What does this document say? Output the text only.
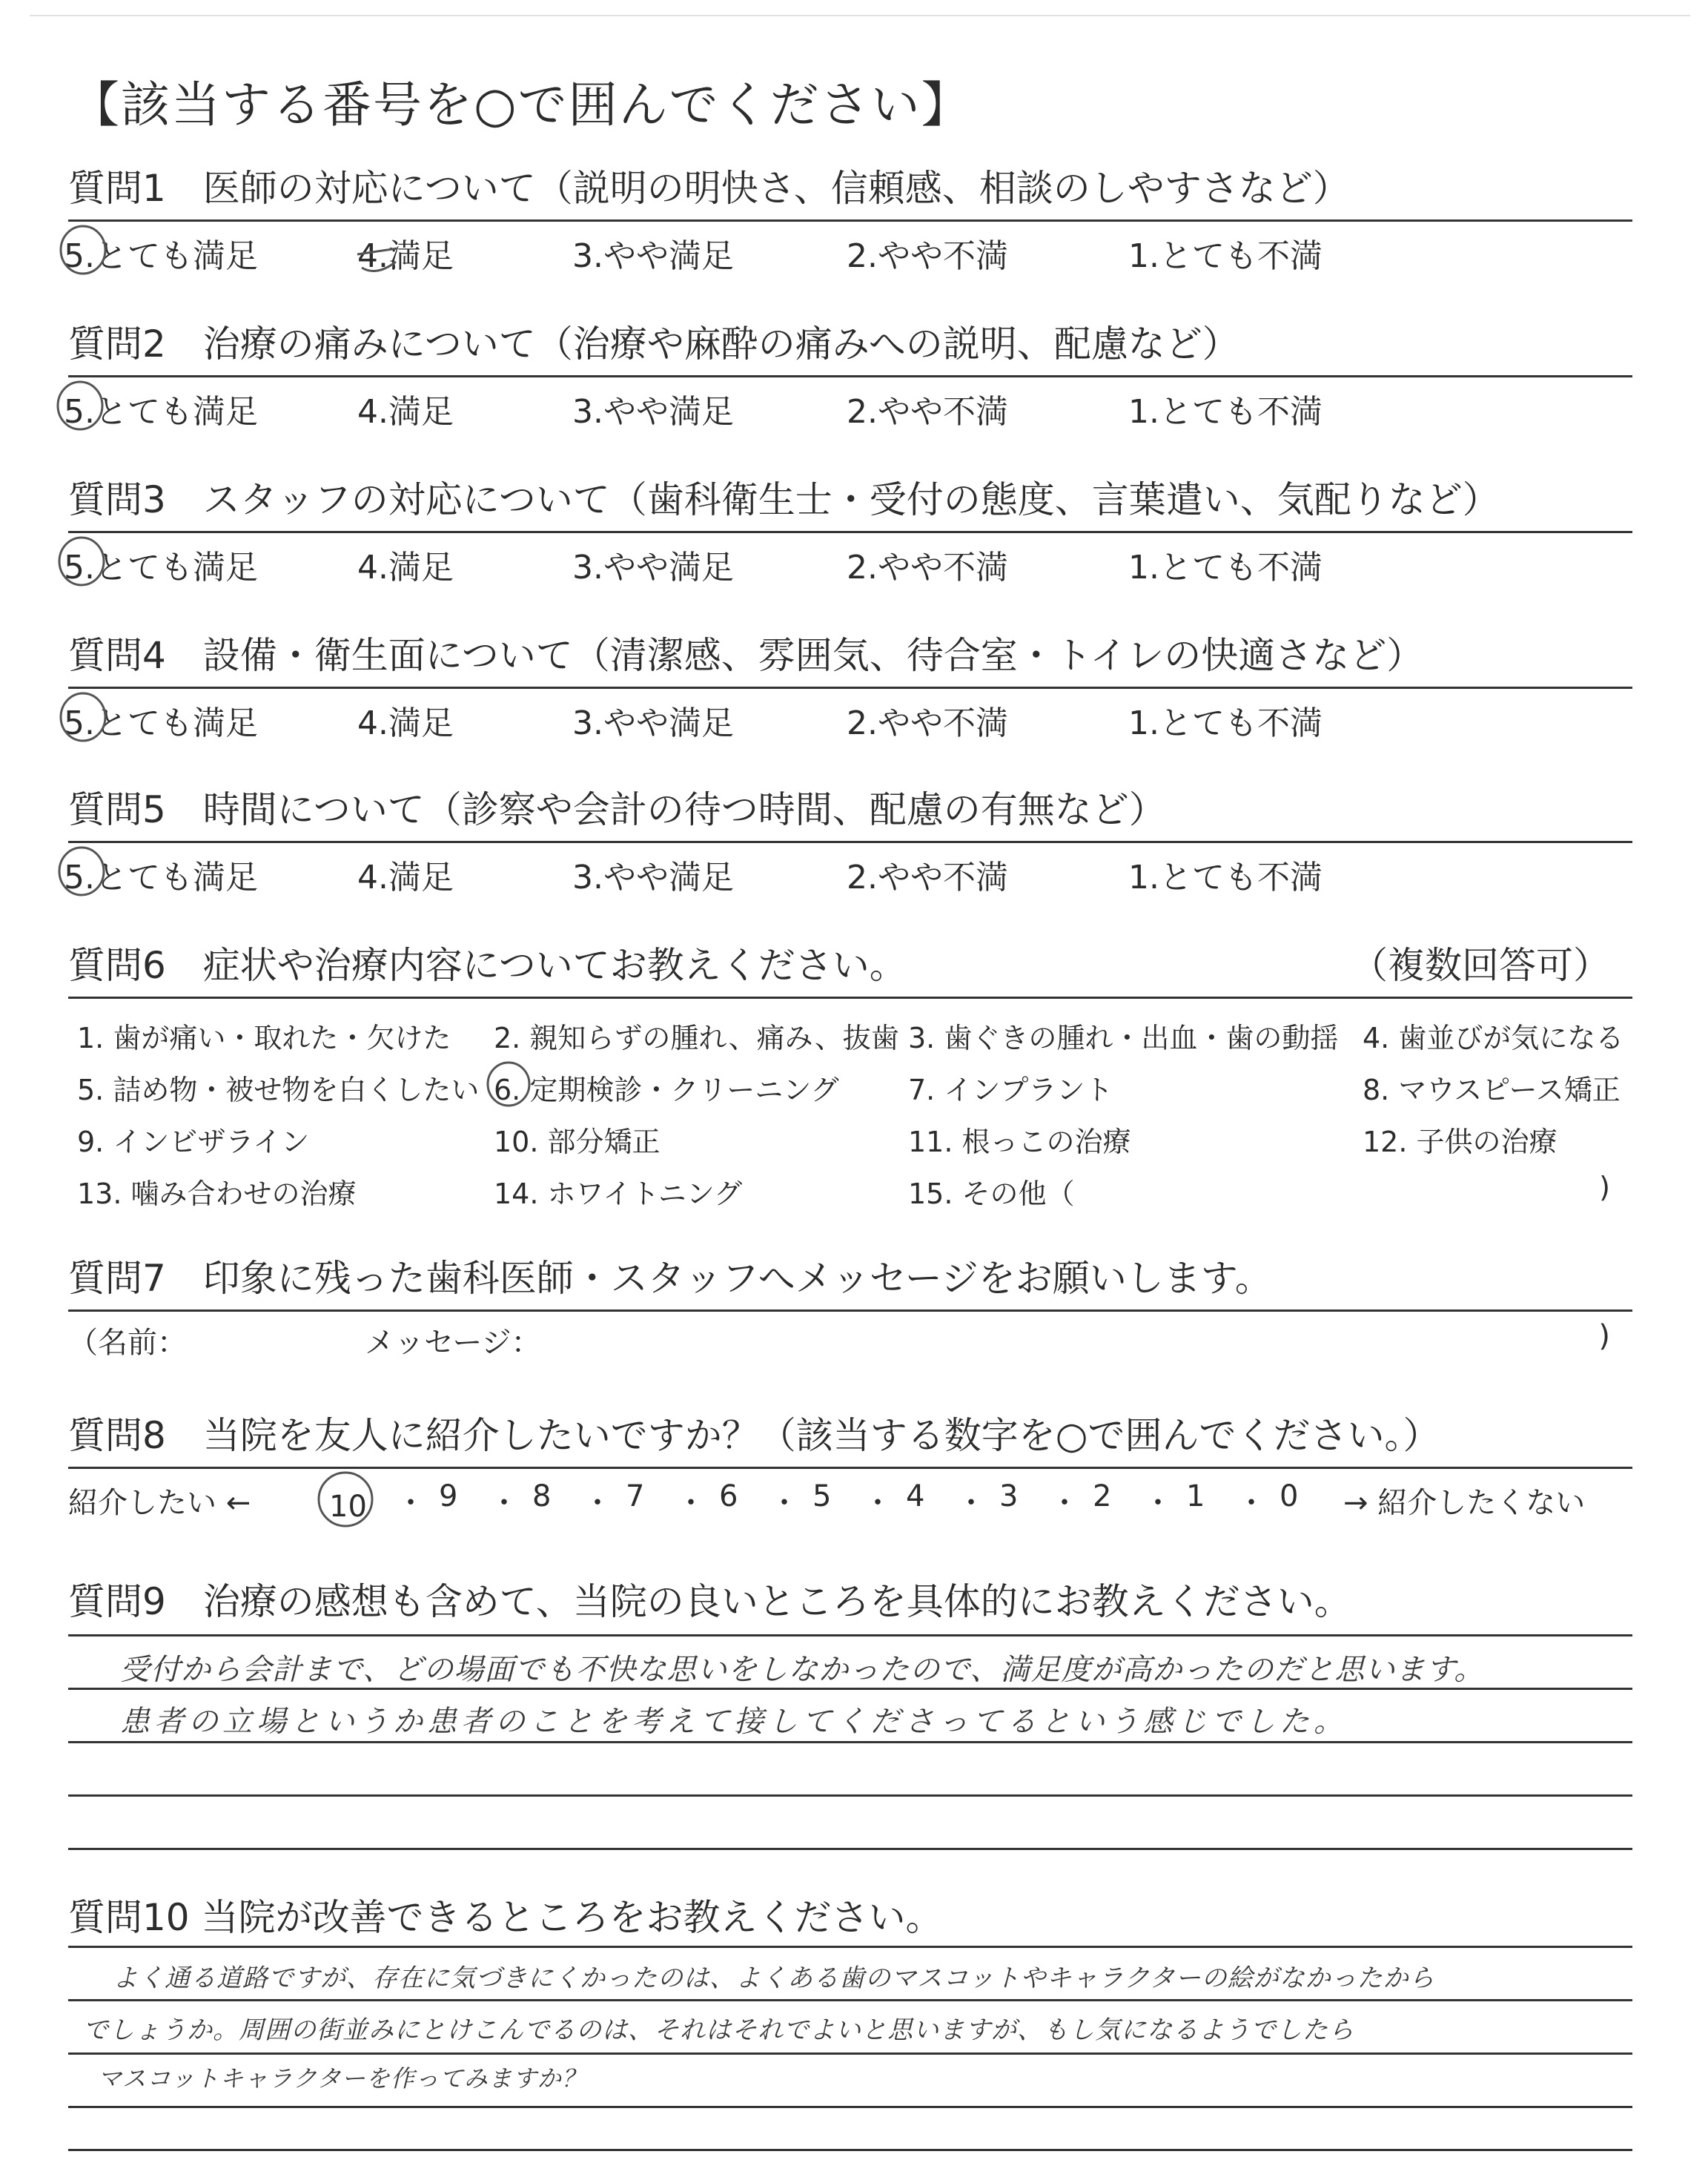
【該当する番号を○で囲んでください】
質問1　医師の対応について（説明の明快さ、信頼感、相談のしやすさなど）
5.とても満足	4.満足	3.やや満足	2.やや不満	1.とても不満
質問2　治療の痛みについて（治療や麻酔の痛みへの説明、配慮など）
5.とても満足	4.満足	3.やや満足	2.やや不満	1.とても不満
質問3　スタッフの対応について（歯科衛生士・受付の態度、言葉遣い、気配りなど）
5.とても満足	4.満足	3.やや満足	2.やや不満	1.とても不満
質問4　設備・衛生面について（清潔感、雰囲気、待合室・トイレの快適さなど）
5.とても満足	4.満足	3.やや満足	2.やや不満	1.とても不満
質問5　時間について（診察や会計の待つ時間、配慮の有無など）
5.とても満足	4.満足	3.やや満足	2.やや不満	1.とても不満
質問6　症状や治療内容についてお教えください。	（複数回答可）
1. 歯が痛い・取れた・欠けた 2. 親知らずの腫れ、痛み、抜歯 3. 歯ぐきの腫れ・出血・歯の動揺 4. 歯並びが気になる
5. 詰め物・被せ物を白くしたい 6. 定期検診・クリーニング 7. インプラント	8. マウスピース矯正
9. インビザライン	10. 部分矯正	11. 根っこの治療	12. 子供の治療
13. 噛み合わせの治療	14. ホワイトニング	15. その他（	)
質問7　印象に残った歯科医師・スタッフへメッセージをお願いします。
（名前：	メッセージ：	)
質問8　当院を友人に紹介したいですか？（該当する数字を○で囲んでください。）
紹介したい ←	10 ・ 9 ・ 8 ・ 7 ・ 6 ・ 5 ・ 4 ・ 3 ・ 2 ・ 1 ・ 0 → 紹介したくない
質問9　治療の感想も含めて、当院の良いところを具体的にお教えください。
受付から会計まで、どの場面でも不快な思いをしなかったので、満足度が高かったのだと思います。
患者の立場というか患者のことを考えて接してくださってるという感じでした。
質問10 当院が改善できるところをお教えください。
よく通る道路ですが、存在に気づきにくかったのは、よくある歯のマスコットやキャラクターの絵がなかったから
でしょうか。周囲の街並みにとけこんでるのは、それはそれでよいと思いますが、もし気になるようでしたら
マスコットキャラクターを作ってみますか？
